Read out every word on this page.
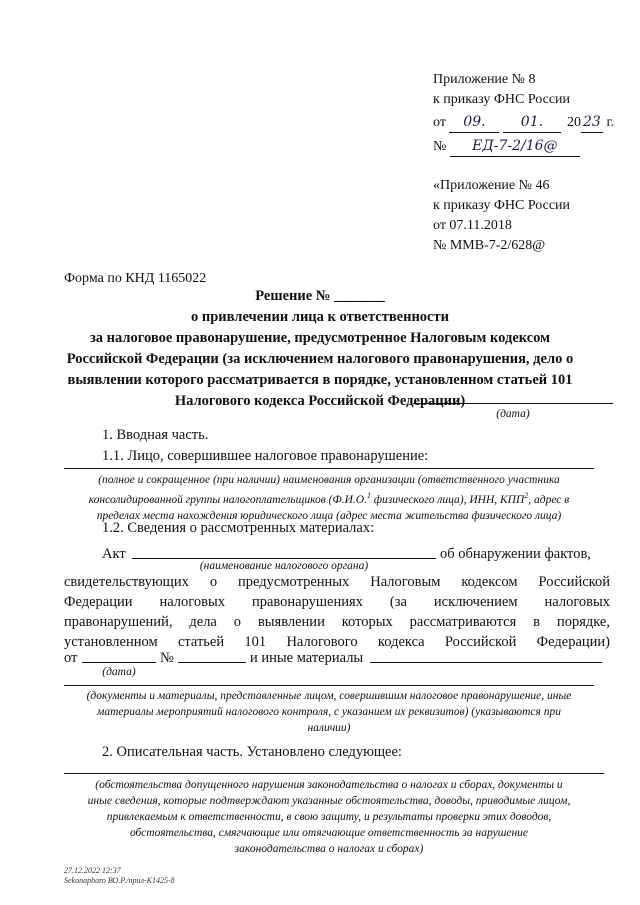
Приложение № 8
к приказу ФНС России
от 09.	01. 20 23 г.
№ ЕД-7-2/16@
«Приложение № 46
к приказу ФНС России
от 07.11.2018
№ ММВ-7-2/628@
Форма по КНД 1165022
Решение № _______
о привлечении лица к ответственности
за налоговое правонарушение, предусмотренное Налоговым кодексом
Российской Федерации (за исключением налогового правонарушения, дело о
выявлении которого рассматривается в порядке, установленном статьей 101
Налогового кодекса Российской Федерации)
(дата)
1. Вводная часть.
1.1. Лицо, совершившее налоговое правонарушение:
(полное и сокращенное (при наличии) наименования организации (ответственного участника
консолидированной группы налогоплательщиков (Ф.И.О.$^1$ физического лица), ИНН, КПП$^2$, адрес в
пределах места нахождения юридического лица (адрес места жительства физического лица)
1.2. Сведения о рассмотренных материалах:
Акт	об обнаружении фактов,
(наименование налогового органа)
свидетельствующих о предусмотренных Налоговым кодексом Российской
Федерации налоговых правонарушениях (за исключением налоговых
правонарушений, дела о выявлении которых рассматриваются в порядке,
установленном статьей 101 Налогового кодекса Российской Федерации)
от	№	и иные материалы
(дата)
(документы и материалы, представленные лицом, совершившим налоговое правонарушение, иные
материалы мероприятий налогового контроля, с указанием их реквизитов) (указываются при
наличии)
2. Описательная часть. Установлено следующее:
(обстоятельства допущенного нарушения законодательства о налогах и сборах, документы и
иные сведения, которые подтверждают указанные обстоятельства, доводы, приводимые лицом,
привлекаемым к ответственности, в свою защиту, и результаты проверки этих доводов,
обстоятельства, смягчающие или отягчающие ответственность за нарушение
законодательства о налогах и сборах)
27.12.2022 12:37
Sekonapbaro ВО.Р./прил-К1425-8
